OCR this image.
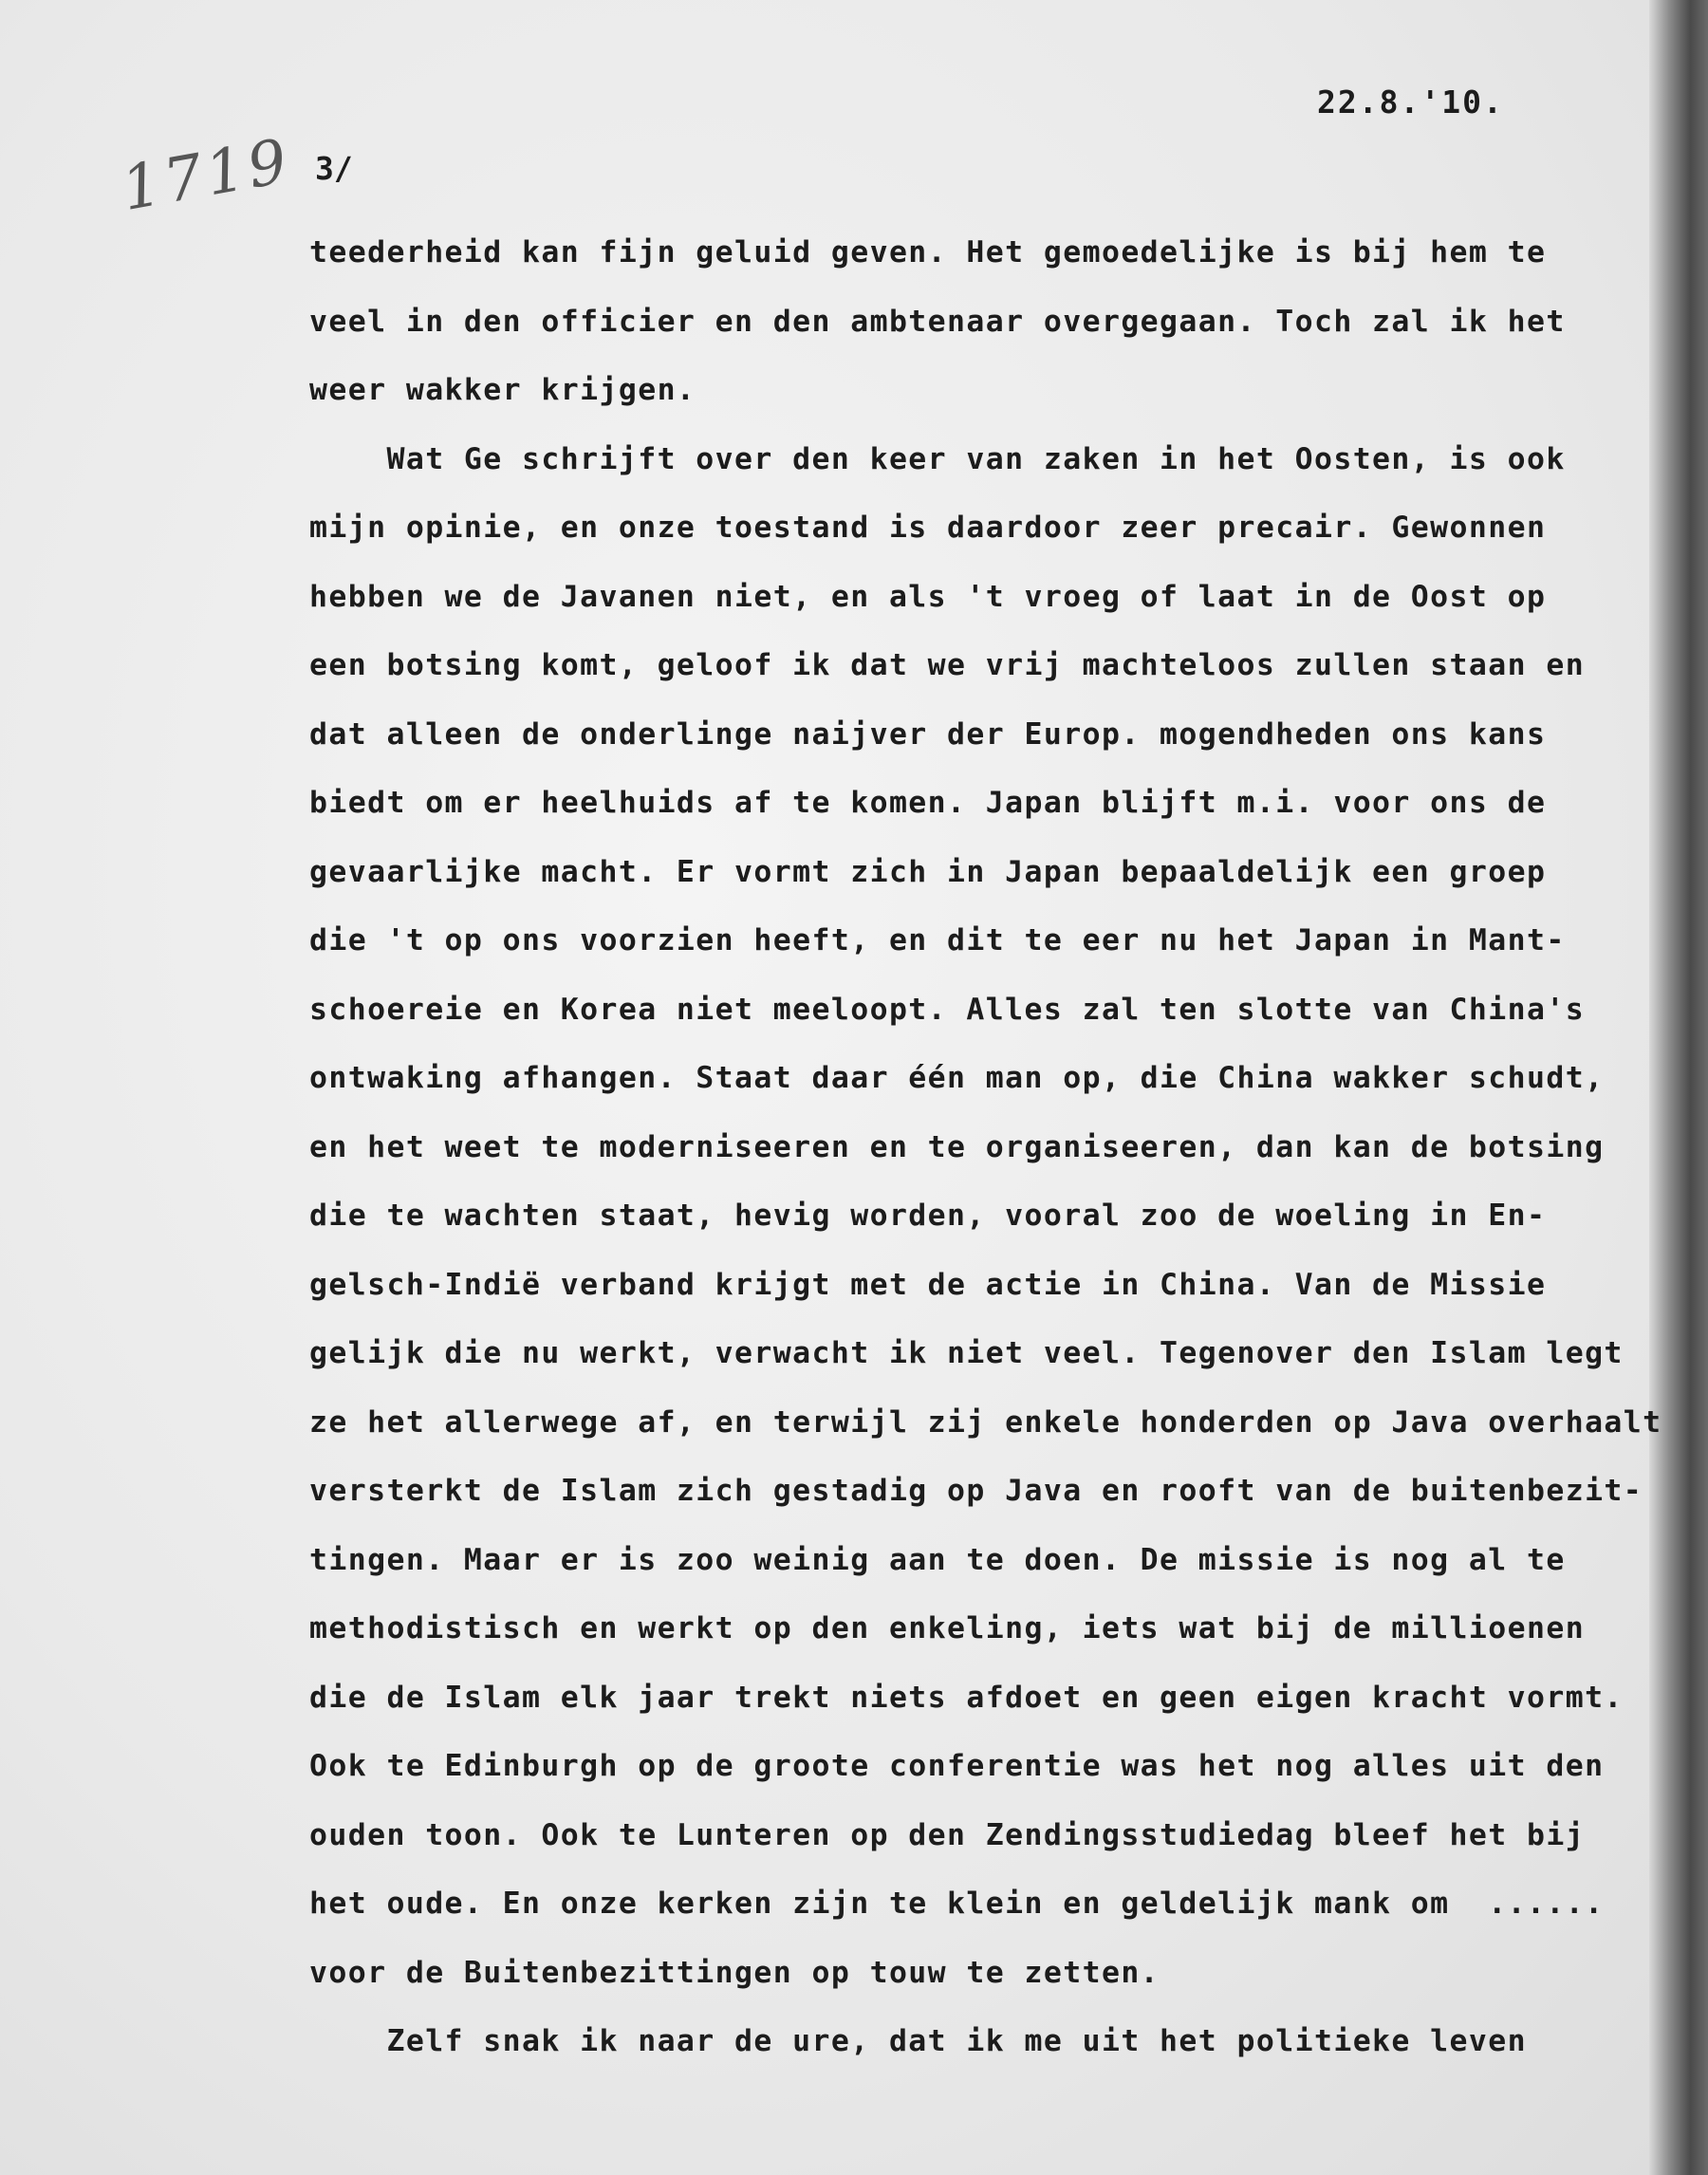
22.8.'10.
1719 3/
teederheid kan fijn geluid geven. Het gemoedelijke is bij hem te
veel in den officier en den ambtenaar overgegaan. Toch zal ik het
weer wakker krijgen.
Wat Ge schrijft over den keer van zaken in het Oosten, is ook
mijn opinie, en onze toestand is daardoor zeer precair. Gewonnen
hebben we de Javanen niet, en als 't vroeg of laat in de Oost op
een botsing komt, geloof ik dat we vrij machteloos zullen staan en
dat alleen de onderlinge naijver der Europ. mogendheden ons kans
biedt om er heelhuids af te komen. Japan blijft m.i. voor ons de
gevaarlijke macht. Er vormt zich in Japan bepaaldelijk een groep
die 't op ons voorzien heeft, en dit te eer nu het Japan in Mant-
schoereie en Korea niet meeloopt. Alles zal ten slotte van China's
ontwaking afhangen. Staat daar één man op, die China wakker schudt,
en het weet te moderniseeren en te organiseeren, dan kan de botsing
die te wachten staat, hevig worden, vooral zoo de woeling in En-
gelsch-Indië verband krijgt met de actie in China. Van de Missie
gelijk die nu werkt, verwacht ik niet veel. Tegenover den Islam legt
ze het allerwege af, en terwijl zij enkele honderden op Java overhaalt
versterkt de Islam zich gestadig op Java en rooft van de buitenbezit-
tingen. Maar er is zoo weinig aan te doen. De missie is nog al te
methodistisch en werkt op den enkeling, iets wat bij de millioenen
die de Islam elk jaar trekt niets afdoet en geen eigen kracht vormt.
Ook te Edinburgh op de groote conferentie was het nog alles uit den
ouden toon. Ook te Lunteren op den Zendingsstudiedag bleef het bij
het oude. En onze kerken zijn te klein en geldelijk mank om  ......
voor de Buitenbezittingen op touw te zetten.
Zelf snak ik naar de ure, dat ik me uit het politieke leven
